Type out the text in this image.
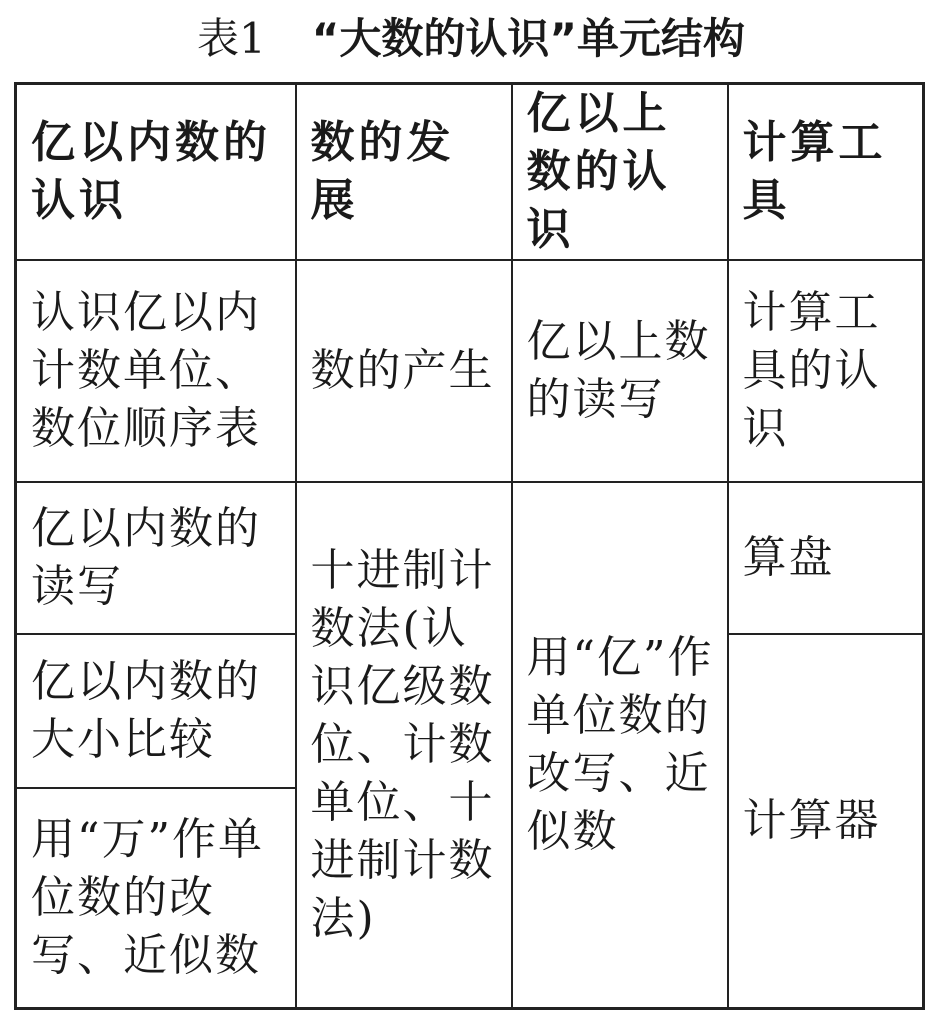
表1 “大数的认识”单元结构
亿以内数的认识	数的发展	亿以上数的认识	计算工具
认识亿以内计数单位、数位顺序表	数的产生	亿以上数的读写	计算工具的认识
亿以内数的读写	十进制计数法(认识亿级数位、计数单位、十进制计数法)	用“亿”作单位数的改写、近似数	算盘
亿以内数的大小比较			计算器
用“万”作单位数的改写、近似数			
